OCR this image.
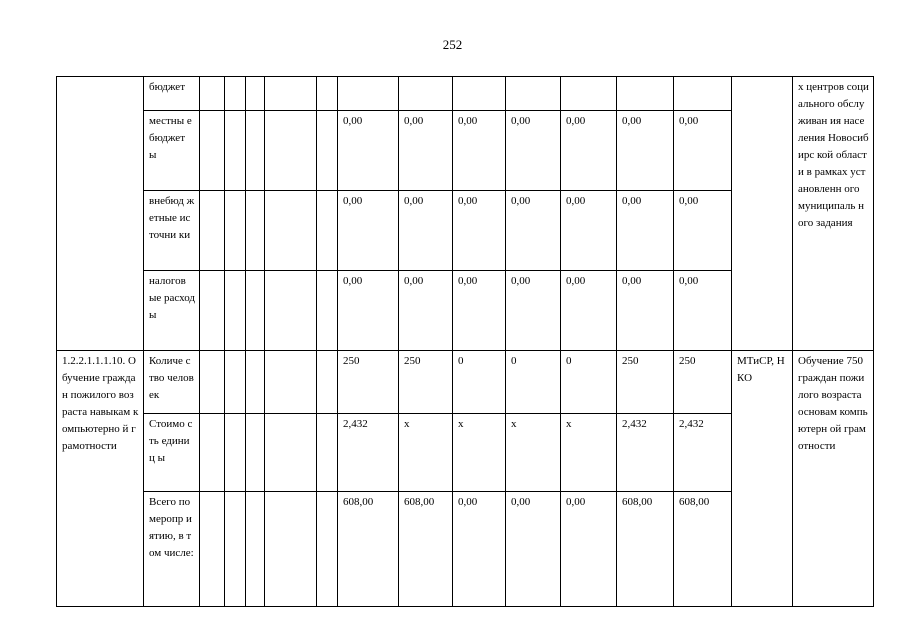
252
	бюджет														х центров социального обслуживан ия населения Новосибирс кой области в рамках установленн ого муниципаль ного задания
	местны е бюджет ы						0,00	0,00	0,00	0,00	0,00	0,00	0,00		
	внебюд жетные источни ки						0,00	0,00	0,00	0,00	0,00	0,00	0,00		
	налогов ые расход ы						0,00	0,00	0,00	0,00	0,00	0,00	0,00		
1.2.2.1.1.1.10. Обучение граждан пожилого возраста навыкам компьютерно й грамотности	Количе ство человек						250	250	0	0	0	250	250	МТиСР, НКО	Обучение 750 граждан пожилого возраста основам компьютерн ой грамотности
	Стоимо сть единиц ы						2,432	x	x	x	x	2,432	2,432		
	Всего по меропр иятию, в том числе:						608,00	608,00	0,00	0,00	0,00	608,00	608,00		
